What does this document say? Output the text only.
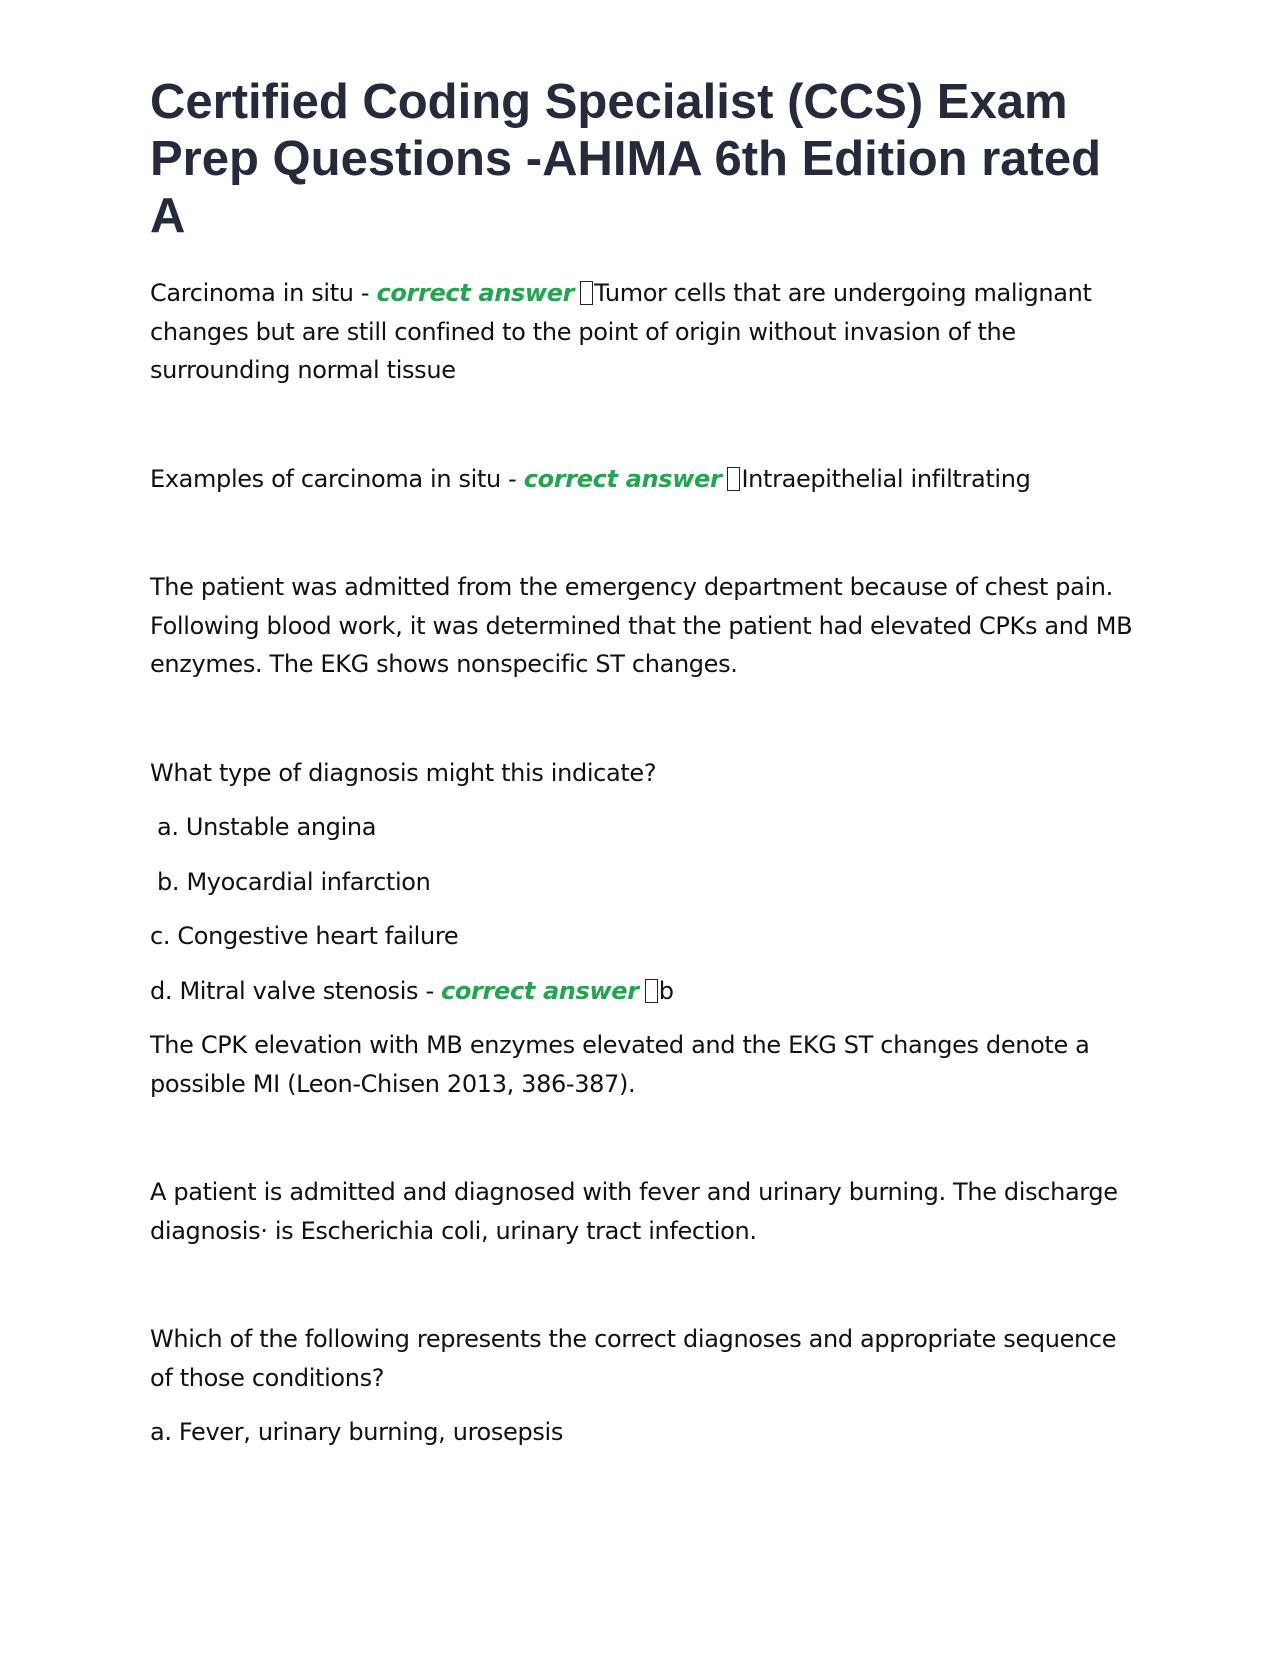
Certified Coding Specialist (CCS) Exam Prep Questions -AHIMA 6th Edition rated A

Carcinoma in situ - correct answer Tumor cells that are undergoing malignant changes but are still confined to the point of origin without invasion of the surrounding normal tissue

Examples of carcinoma in situ - correct answer Intraepithelial infiltrating

The patient was admitted from the emergency department because of chest pain. Following blood work, it was determined that the patient had elevated CPKs and MB enzymes. The EKG shows nonspecific ST changes.

What type of diagnosis might this indicate?

a. Unstable angina

b. Myocardial infarction

c. Congestive heart failure

d. Mitral valve stenosis - correct answer b

The CPK elevation with MB enzymes elevated and the EKG ST changes denote a possible MI (Leon-Chisen 2013, 386-387).

A patient is admitted and diagnosed with fever and urinary burning. The discharge diagnosis· is Escherichia coli, urinary tract infection.

Which of the following represents the correct diagnoses and appropriate sequence of those conditions?

a. Fever, urinary burning, urosepsis
